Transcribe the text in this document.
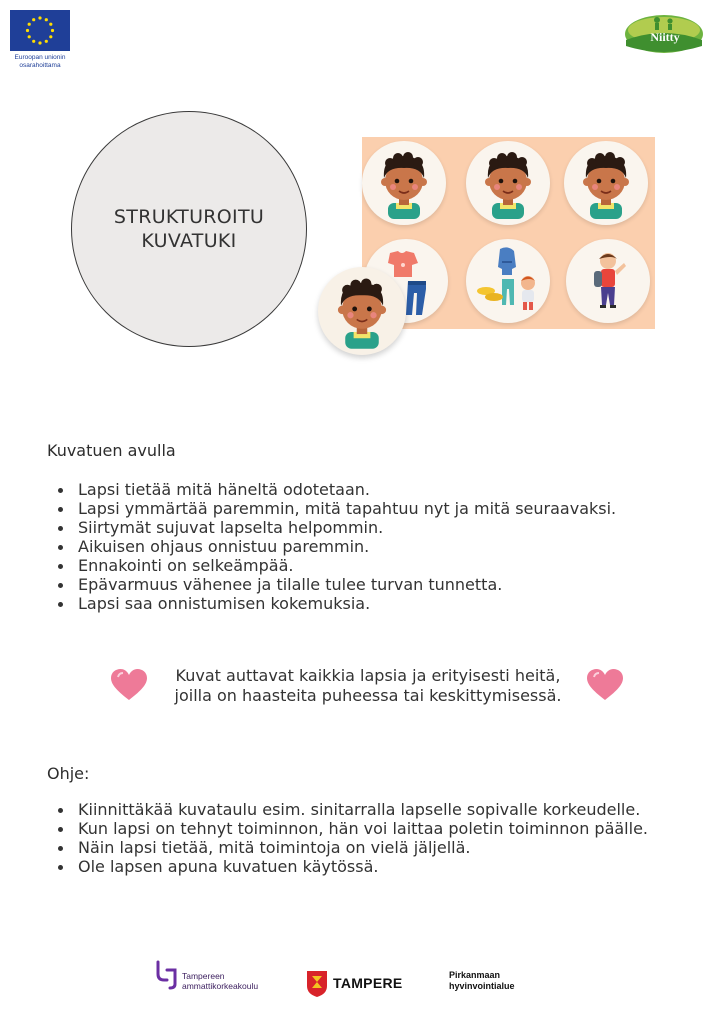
Euroopan unionin
osarahoittama
Niitty
STRUKTUROITU
KUVATUKI
Kuvatuen avulla
Lapsi tietää mitä häneltä odotetaan.
Lapsi ymmärtää paremmin, mitä tapahtuu nyt ja mitä seuraavaksi.
Siirtymät sujuvat lapselta helpommin.
Aikuisen ohjaus onnistuu paremmin.
Ennakointi on selkeämpää.
Epävarmuus vähenee ja tilalle tulee turvan tunnetta.
Lapsi saa onnistumisen kokemuksia.
Kuvat auttavat kaikkia lapsia ja erityisesti heitä,
joilla on haasteita puheessa tai keskittymisessä.
Ohje:
Kiinnittäkää kuvataulu esim. sinitarralla lapselle sopivalle korkeudelle.
Kun lapsi on tehnyt toiminnon, hän voi laittaa poletin toiminnon päälle.
Näin lapsi tietää, mitä toimintoja on vielä jäljellä.
Ole lapsen apuna kuvatuen käytössä.
Tampereen
ammattikorkeakoulu	TAMPERE	Pirkanmaan
hyvinvointialue
